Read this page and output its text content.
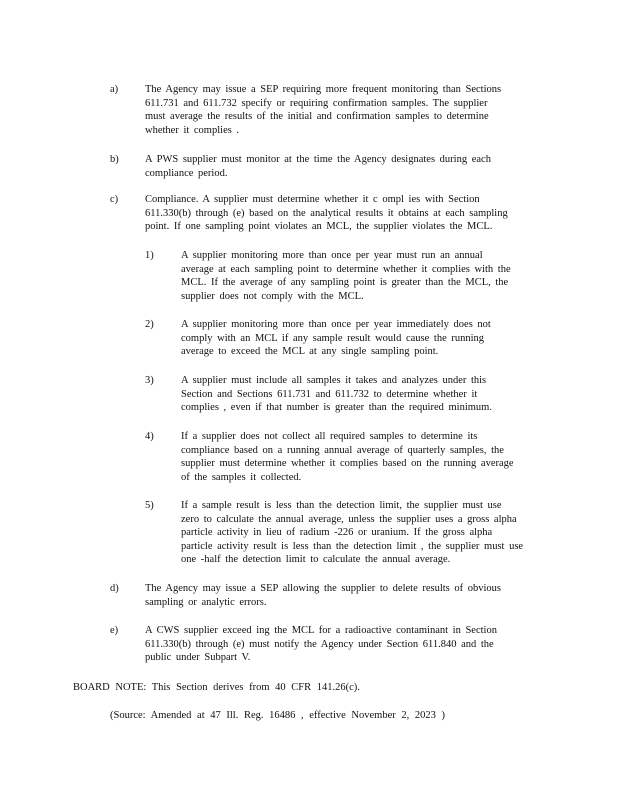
a)	The Agency may issue a SEP requiring more frequent monitoring than Sections

611.731 and 611.732 specify or requiring confirmation samples. The supplier

must average the results of the initial and confirmation samples to determine

whether it complies .

b)	A PWS supplier must monitor at the time the Agency designates during each

compliance period.

c)	Compliance. A supplier must determine whether it c ompl ies with Section

611.330(b) through (e) based on the analytical results it obtains at each sampling

point. If one sampling point violates an MCL, the supplier violates the MCL.

1)	A supplier monitoring more than once per year must run an annual

average at each sampling point to determine whether it complies with the

MCL. If the average of any sampling point is greater than the MCL, the

supplier does not comply with the MCL.

2)	A supplier monitoring more than once per year immediately does not

comply with an MCL if any sample result would cause the running

average to exceed the MCL at any single sampling point.

3)	A supplier must include all samples it takes and analyzes under this

Section and Sections 611.731 and 611.732 to determine whether it

complies , even if that number is greater than the required minimum.

4)	If a supplier does not collect all required samples to determine its

compliance based on a running annual average of quarterly samples, the

supplier must determine whether it complies based on the running average

of the samples it collected.

5)	If a sample result is less than the detection limit, the supplier must use

zero to calculate the annual average, unless the supplier uses a gross alpha

particle activity in lieu of radium -226 or uranium. If the gross alpha

particle activity result is less than the detection limit , the supplier must use

one -half the detection limit to calculate the annual average.

d)	The Agency may issue a SEP allowing the supplier to delete results of obvious

sampling or analytic errors.

e)	A CWS supplier exceed ing the MCL for a radioactive contaminant in Section

611.330(b) through (e) must notify the Agency under Section 611.840 and the

public under Subpart V.

BOARD NOTE: This Section derives from 40 CFR 141.26(c).
(Source: Amended at 47 Ill. Reg. 16486 , effective November 2, 2023 )
